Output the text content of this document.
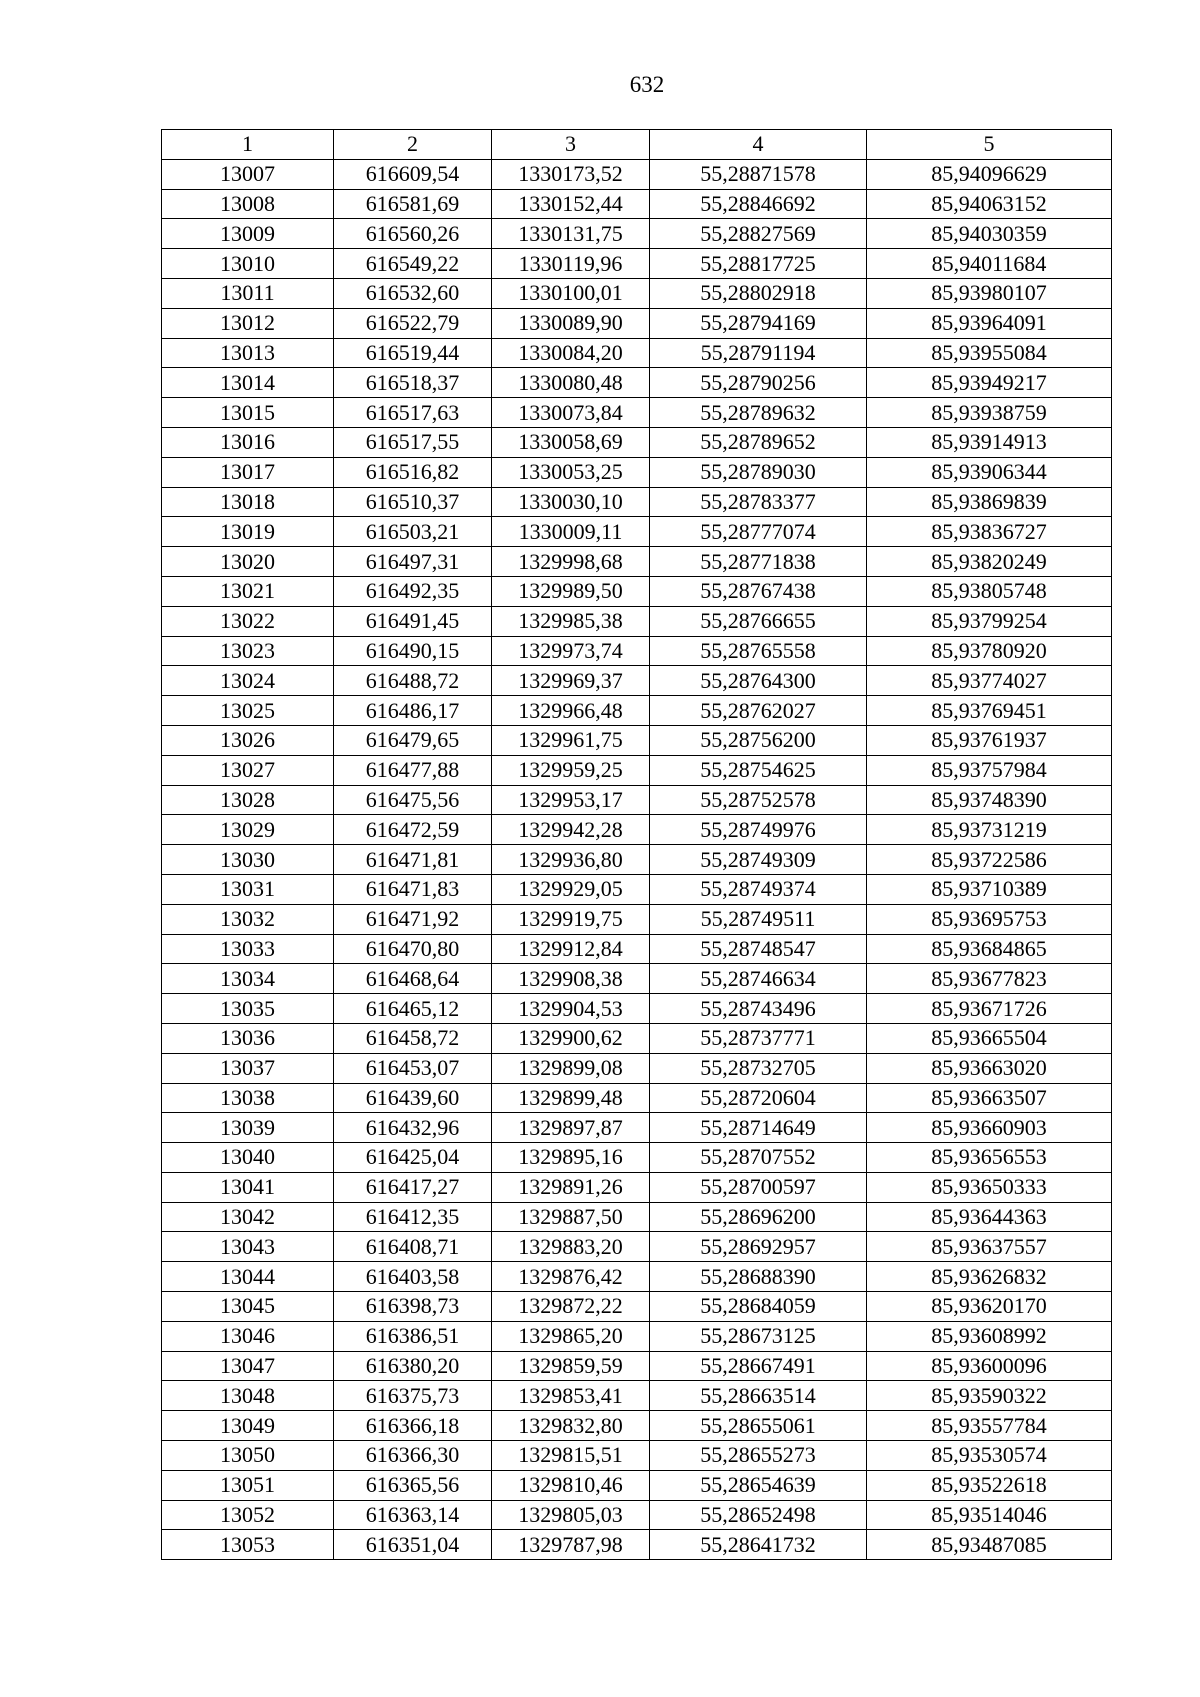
632
1	2	3	4	5
13007	616609,54	1330173,52	55,28871578	85,94096629
13008	616581,69	1330152,44	55,28846692	85,94063152
13009	616560,26	1330131,75	55,28827569	85,94030359
13010	616549,22	1330119,96	55,28817725	85,94011684
13011	616532,60	1330100,01	55,28802918	85,93980107
13012	616522,79	1330089,90	55,28794169	85,93964091
13013	616519,44	1330084,20	55,28791194	85,93955084
13014	616518,37	1330080,48	55,28790256	85,93949217
13015	616517,63	1330073,84	55,28789632	85,93938759
13016	616517,55	1330058,69	55,28789652	85,93914913
13017	616516,82	1330053,25	55,28789030	85,93906344
13018	616510,37	1330030,10	55,28783377	85,93869839
13019	616503,21	1330009,11	55,28777074	85,93836727
13020	616497,31	1329998,68	55,28771838	85,93820249
13021	616492,35	1329989,50	55,28767438	85,93805748
13022	616491,45	1329985,38	55,28766655	85,93799254
13023	616490,15	1329973,74	55,28765558	85,93780920
13024	616488,72	1329969,37	55,28764300	85,93774027
13025	616486,17	1329966,48	55,28762027	85,93769451
13026	616479,65	1329961,75	55,28756200	85,93761937
13027	616477,88	1329959,25	55,28754625	85,93757984
13028	616475,56	1329953,17	55,28752578	85,93748390
13029	616472,59	1329942,28	55,28749976	85,93731219
13030	616471,81	1329936,80	55,28749309	85,93722586
13031	616471,83	1329929,05	55,28749374	85,93710389
13032	616471,92	1329919,75	55,28749511	85,93695753
13033	616470,80	1329912,84	55,28748547	85,93684865
13034	616468,64	1329908,38	55,28746634	85,93677823
13035	616465,12	1329904,53	55,28743496	85,93671726
13036	616458,72	1329900,62	55,28737771	85,93665504
13037	616453,07	1329899,08	55,28732705	85,93663020
13038	616439,60	1329899,48	55,28720604	85,93663507
13039	616432,96	1329897,87	55,28714649	85,93660903
13040	616425,04	1329895,16	55,28707552	85,93656553
13041	616417,27	1329891,26	55,28700597	85,93650333
13042	616412,35	1329887,50	55,28696200	85,93644363
13043	616408,71	1329883,20	55,28692957	85,93637557
13044	616403,58	1329876,42	55,28688390	85,93626832
13045	616398,73	1329872,22	55,28684059	85,93620170
13046	616386,51	1329865,20	55,28673125	85,93608992
13047	616380,20	1329859,59	55,28667491	85,93600096
13048	616375,73	1329853,41	55,28663514	85,93590322
13049	616366,18	1329832,80	55,28655061	85,93557784
13050	616366,30	1329815,51	55,28655273	85,93530574
13051	616365,56	1329810,46	55,28654639	85,93522618
13052	616363,14	1329805,03	55,28652498	85,93514046
13053	616351,04	1329787,98	55,28641732	85,93487085
